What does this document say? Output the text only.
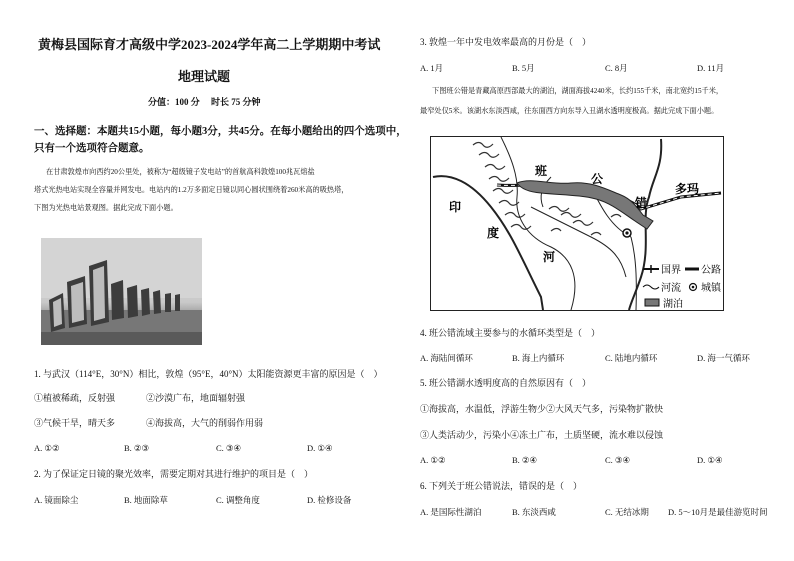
黄梅县国际育才高级中学2023-2024学年高二上学期期中考试
地理试题
分值：100 分　 时长 75 分钟
一、选择题：本题共15小题，每小题3分，共45分。在每小题给出的四个选项中，
只有一个选项符合题意。
在甘肃敦煌市向西约20公里处，被称为“超级镜子发电站”的首航高科敦煌100兆瓦熔盐
塔式光热电站实现全容量并网发电。电站内的1.2万多面定日镜以同心圆状围绕着260米高的吸热塔，
下图为光热电站景观图。据此完成下面小题。
1. 与武汉（114°E，30°N）相比，敦煌（95°E，40°N）太阳能资源更丰富的原因是（　）
①植被稀疏，反射强	②沙漠广布，地面辐射强
③气候干旱，晴天多	④海拔高，大气的削弱作用弱
A. ①②	B. ②③	C. ③④	D. ①④
2. 为了保证定日镜的聚光效率，需要定期对其进行维护的项目是（　）
A. 镜面除尘	B. 地面除草	C. 调整角度	D. 检修设备
3. 敦煌一年中发电效率最高的月份是（　）
A. 1月	B. 5月	C. 8月	D. 11月
下图班公错是青藏高原西部最大的湖泊，湖面海拔4240米，长约155千米，南北宽约15千米，
最窄处仅5米。该湖水东淡西咸，往东面西方向东导入丑湖水透明度极高。据此完成下面小题。
班
公
错
多玛
印
度
河
国界 公路
河流 城镇
湖泊
4. 班公错流域主要参与的水循环类型是（　）
A. 海陆间循环	B. 海上内循环	C. 陆地内循环	D. 海一气循环
5. 班公错湖水透明度高的自然原因有（　）
①海拔高，水温低，浮游生物少②大风天气多，污染物扩散快
③人类活动少，污染小④冻土广布，土质坚硬，流水难以侵蚀
A. ①②	B. ②④	C. ③④	D. ①④
6. 下列关于班公错说法，错误的是（　）
A. 是国际性湖泊	B. 东淡西咸	C. 无结冰期 D. 5～10月是最佳游览时间
